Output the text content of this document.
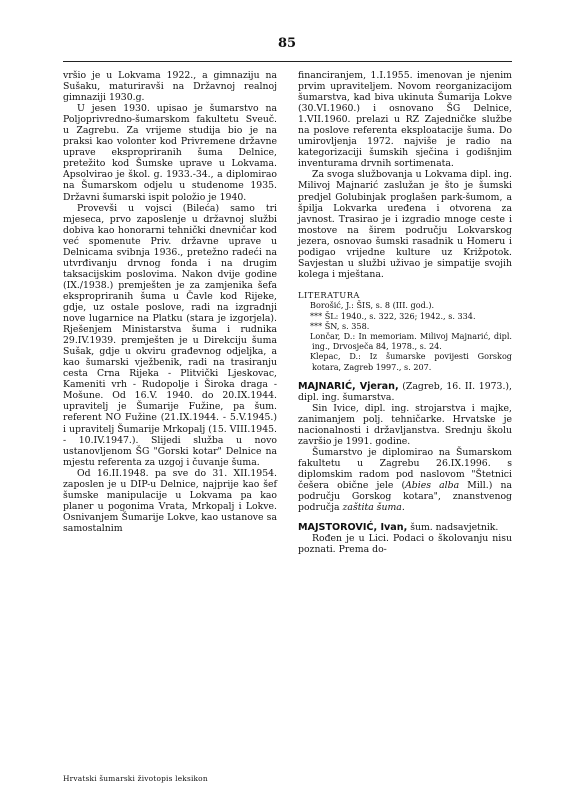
85

vršio je u Lokvama 1922., a gimnaziju na Sušaku, maturiravši na Državnoj realnoj gimnaziji 1930.g.

U jesen 1930. upisao je šumarstvo na Poljoprivredno-šumarskom fakultetu Sveuč. u Zagrebu. Za vrijeme studija bio je na praksi kao volonter kod Privremene državne uprave ekspropriranih šuma Delnice, pretežito kod Šumske uprave u Lokvama. Apsolvirao je škol. g. 1933.-34., a diplomirao na Šumarskom odjelu u studenome 1935. Državni šumarski ispit položio je 1940.

Provevši u vojsci (Bileća) samo tri mjeseca, prvo zaposlenje u državnoj službi dobiva kao honorarni tehnički dnevničar kod već spomenute Priv. državne uprave u Delnicama svibnja 1936., pretežno radeći na utvrđivanju drvnog fonda i na drugim taksacijskim poslovima. Nakon dvije godine (IX./1938.) premješten je za zamjenika šefa ekspropriranih šuma u Čavle kod Rijeke, gdje, uz ostale poslove, radi na izgradnji nove lugarnice na Platku (stara je izgorjela). Rješenjem Ministarstva šuma i rudnika 29.IV.1939. premješten je u Direkciju šuma Sušak, gdje u okviru građevnog odjeljka, a kao šumarski vježbenik, radi na trasiranju cesta Crna Rijeka - Plitvički Ljeskovac, Kameniti vrh - Rudopolje i Široka draga - Mošune. Od 16.V. 1940. do 20.IX.1944. upravitelj je Šumarije Fužine, pa šum. referent NO Fužine (21.IX.1944. - 5.V.1945.) i upravitelj Šumarije Mrkopalj (15. VIII.1945. - 10.IV.1947.). Slijedi služba u novo ustanovljenom ŠG "Gorski kotar" Delnice na mjestu referenta za uzgoj i čuvanje šuma.

Od 16.II.1948. pa sve do 31. XII.1954. zaposlen je u DIP-u Delnice, najprije kao šef šumske manipulacije u Lokvama pa kao planer u pogonima Vrata, Mrkopalj i Lokve. Osnivanjem Šumarije Lokve, kao ustanove sa samostalnim

financiranjem, 1.I.1955. imenovan je njenim prvim upraviteljem. Novom reorganizacijom šumarstva, kad biva ukinuta Šumarija Lokve (30.VI.1960.) i osnovano ŠG Delnice, 1.VII.1960. prelazi u RZ Zajedničke službe na poslove referenta eksploatacije šuma. Do umirovljenja 1972. najviše je radio na kategorizaciji šumskih sječina i godišnjim inventurama drvnih sortimenata.

Za svoga službovanja u Lokvama dipl. ing. Milivoj Majnarić zaslužan je što je šumski predjel Golubinjak proglašen park-šumom, a špilja Lokvarka uređena i otvorena za javnost. Trasirao je i izgradio mnoge ceste i mostove na širem području Lokvarskog jezera, osnovao šumski rasadnik u Homeru i podigao vrijedne kulture uz Križpotok. Savjestan u službi uživao je simpatije svojih kolega i mještana.

LITERATURA

Borošić, J.: ŠIS, s. 8 (III. god.).

*** ŠL: 1940., s. 322, 326; 1942., s. 334.

*** ŠN, s. 358.

Lončar, D.: In memoriam. Milivoj Majnarić, dipl. ing., Drvosječa 84, 1978., s. 24.

Klepac, D.: Iz šumarske povijesti Gorskog kotara, Zagreb 1997., s. 207.

MAJNARIĆ, Vjeran, (Zagreb, 16. II. 1973.), dipl. ing. šumarstva.

Sin Ivice, dipl. ing. strojarstva i majke, zanimanjem polj. tehničarke. Hrvatske je nacionalnosti i državljanstva. Srednju školu završio je 1991. godine.

Šumarstvo je diplomirao na Šumarskom fakultetu u Zagrebu 26.IX.1996. s diplomskim radom pod naslovom "Štetnici češera obične jele (Abies alba Mill.) na području Gorskog kotara", znanstvenog područja zaštita šuma.

MAJSTOROVIĆ, Ivan, šum. nadsavjetnik.

Rođen je u Lici. Podaci o školovanju nisu poznati. Prema do-

Hrvatski šumarski životopis leksikon
